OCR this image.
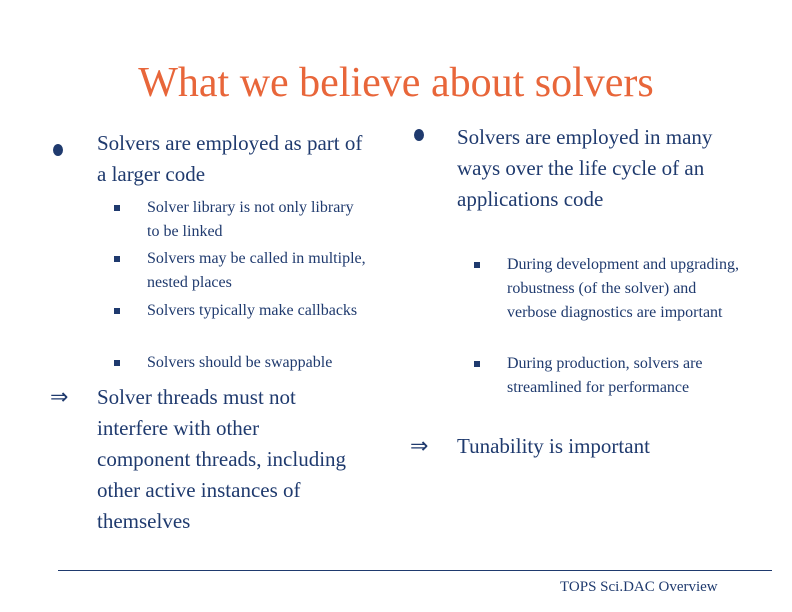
What we believe about solvers
Solvers are employed as part of a larger code
Solver library is not only library to be linked
Solvers may be called in multiple, nested places
Solvers typically make callbacks
Solvers should be swappable
⇒ Solver threads must not interfere with other component threads, including other active instances of themselves
Solvers are employed in many ways over the life cycle of an applications code
During development and upgrading, robustness (of the solver) and verbose diagnostics are important
During production, solvers are streamlined for performance
⇒ Tunability is important
TOPS Sci.DAC Overview
